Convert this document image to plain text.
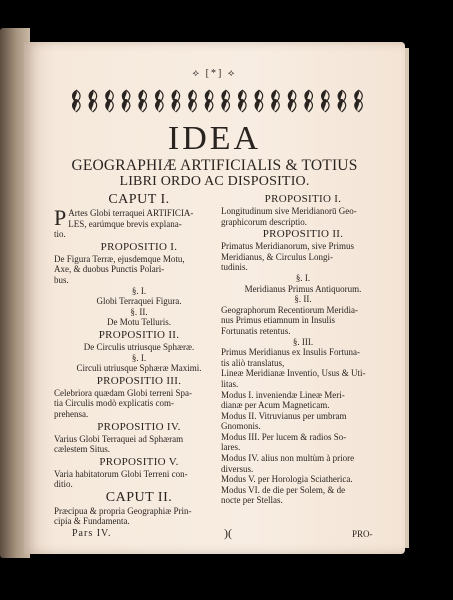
⟡ [*] ⟡
IDEA
GEOGRAPHIÆ ARTIFICIALIS & TOTIUS
LIBRI ORDO AC DISPOSITIO.

CAPUT I.

P Artes Globi terraquei ARTIFICIA-

LES, earúmque brevis explana-

tio.

PROPOSITIO I.

De Figura Terræ, ejusdemque Motu,

Axe, & duobus Punctis Polari-

bus.

§. I.

Globi Terraquei Figura.

§. II.

De Motu Telluris.

PROPOSITIO II.

De Circulis utriusque Sphæræ.

§. I.

Circuli utriusque Sphæræ Maximi.

PROPOSITIO III.

Celebriora quædam Globi terreni Spa-

tia Circulis modò explicatis com-

prehensa.

PROPOSITIO IV.

Varius Globi Terraquei ad Sphæram

cælestem Situs.

PROPOSITIO V.

Varia habitatorum Globi Terreni con-

ditio.

CAPUT II.

Præcipua & propria Geographiæ Prin-

cipia & Fundamenta.

PROPOSITIO I.

Longitudinum sive Meridianorū Geo-

graphicorum descriptio.

PROPOSITIO II.

Primatus Meridianorum, sive Primus

Meridianus, & Circulus Longi-

tudinis.

§. I.

Meridianus Primus Antiquorum.

§. II.

Geographorum Recentiorum Meridia-

nus Primus etiamnum in Insulis

Fortunatis retentus.

§. III.

Primus Meridianus ex Insulis Fortuna-

tis aliò translatus,

Lineæ Meridianæ Inventio, Usus & Uti-

litas.

Modus I. inveniendæ Lineæ Meri-

dianæ per Acum Magneticam.

Modus II. Vitruvianus per umbram

Gnomonis.

Modus III. Per lucem & radios So-

lares.

Modus IV. alius non multùm à priore

diversus.

Modus V. per Horologia Sciatherica.

Modus VI. de die per Solem, & de

nocte per Stellas.

Pars IV.	)(	PRO-
